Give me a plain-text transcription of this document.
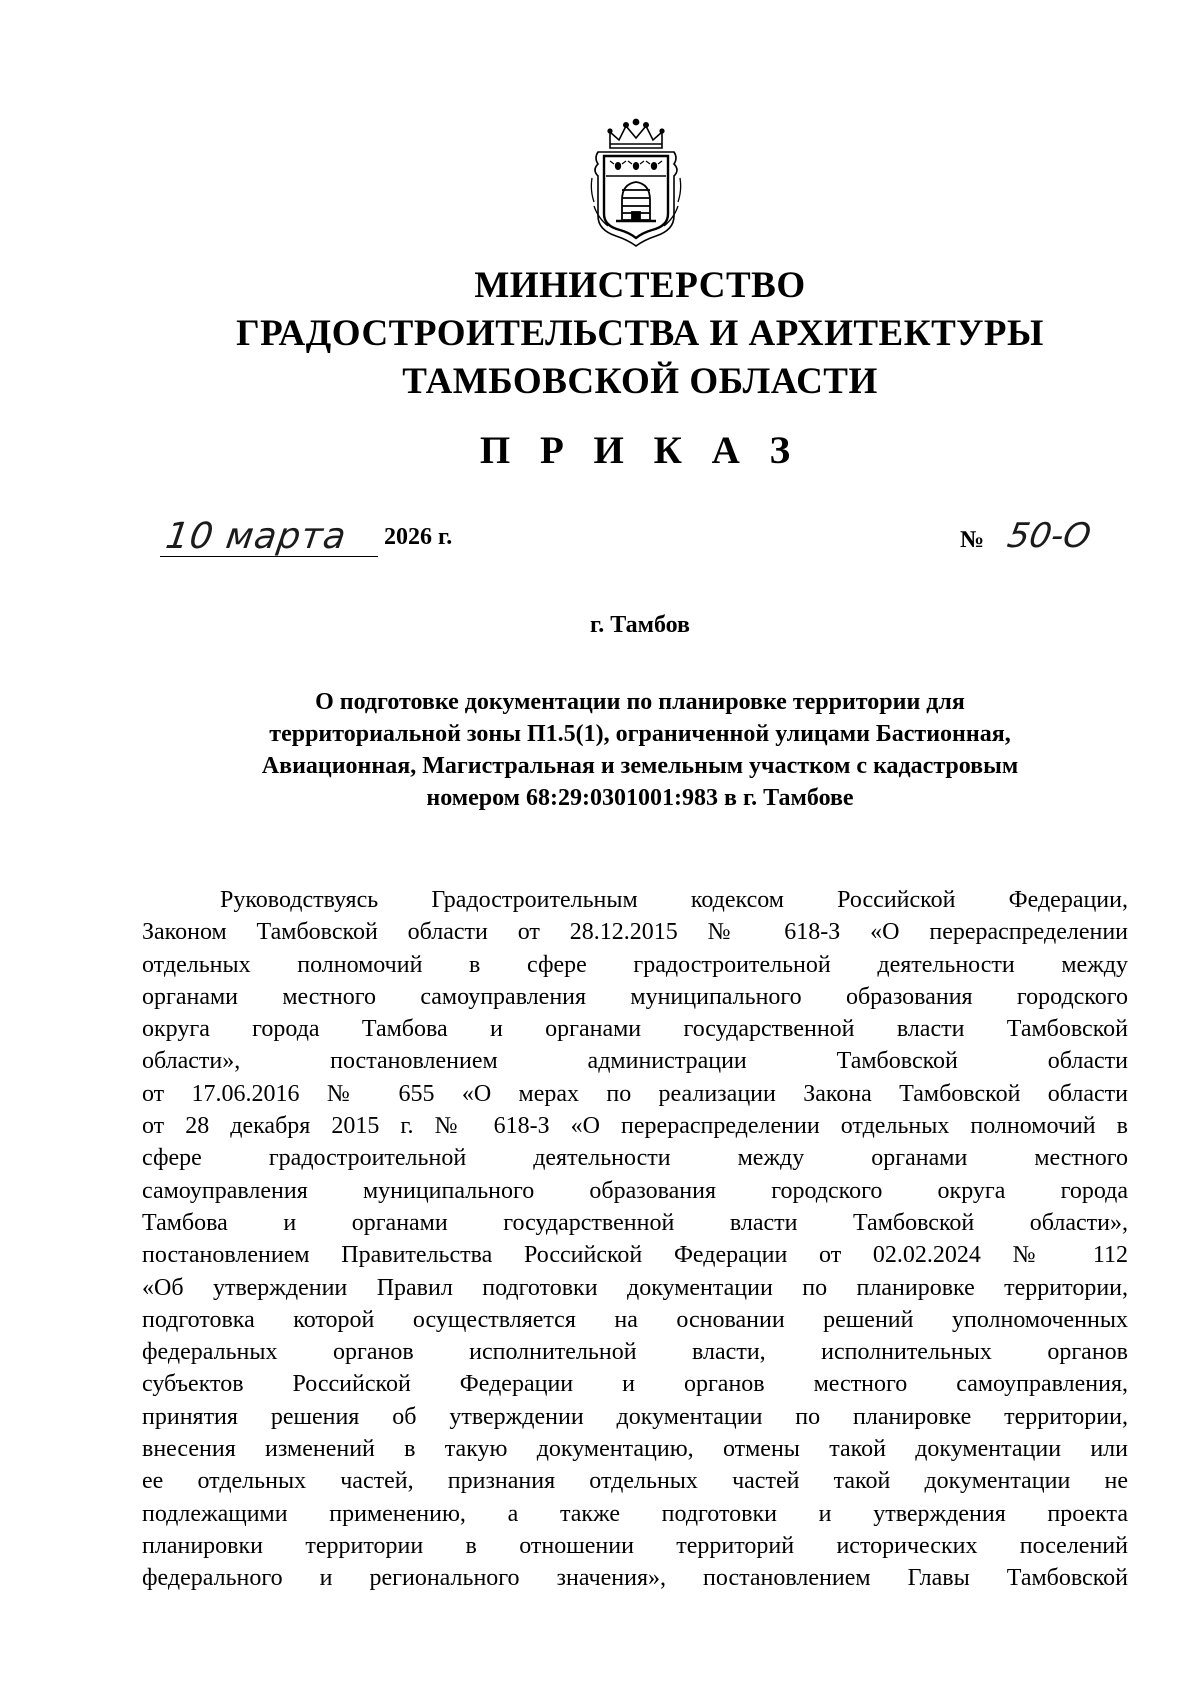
МИНИСТЕРСТВО
ГРАДОСТРОИТЕЛЬСТВА И АРХИТЕКТУРЫ
ТАМБОВСКОЙ ОБЛАСТИ
П Р И К А З
10 марта 2026 г.	№ 50-О
г. Тамбов
О подготовке документации по планировке территории для
территориальной зоны П1.5(1), ограниченной улицами Бастионная,
Авиационная, Магистральная и земельным участком с кадастровым
номером 68:29:0301001:983 в г. Тамбове
Руководствуясь Градостроительным кодексом Российской Федерации,
Законом Тамбовской области от 28.12.2015 № 618-З «О перераспределении
отдельных полномочий в сфере градостроительной деятельности между
органами местного самоуправления муниципального образования городского
округа города Тамбова и органами государственной власти Тамбовской
области», постановлением администрации Тамбовской области
от 17.06.2016 № 655 «О мерах по реализации Закона Тамбовской области
от 28 декабря 2015 г. № 618-З «О перераспределении отдельных полномочий в
сфере градостроительной деятельности между органами местного
самоуправления муниципального образования городского округа города
Тамбова и органами государственной власти Тамбовской области»,
постановлением Правительства Российской Федерации от 02.02.2024 № 112
«Об утверждении Правил подготовки документации по планировке территории,
подготовка которой осуществляется на основании решений уполномоченных
федеральных органов исполнительной власти, исполнительных органов
субъектов Российской Федерации и органов местного самоуправления,
принятия решения об утверждении документации по планировке территории,
внесения изменений в такую документацию, отмены такой документации или
ее отдельных частей, признания отдельных частей такой документации не
подлежащими применению, а также подготовки и утверждения проекта
планировки территории в отношении территорий исторических поселений
федерального и регионального значения», постановлением Главы Тамбовской
